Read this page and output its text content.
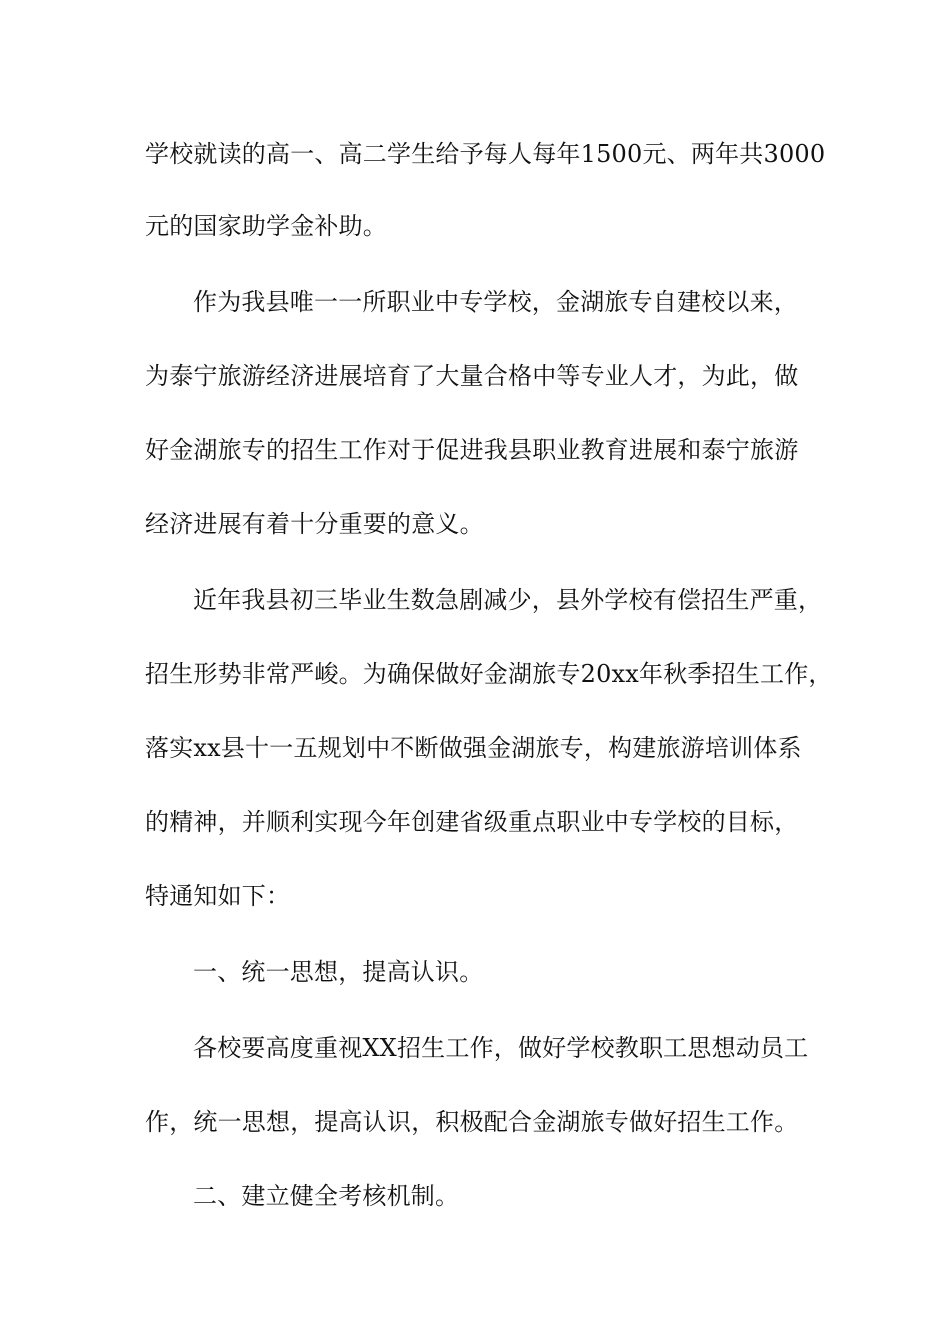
学校就读的高一、高二学生给予每人每年1500元、两年共3000
元的国家助学金补助。
作为我县唯一一所职业中专学校，金湖旅专自建校以来，
为泰宁旅游经济进展培育了大量合格中等专业人才，为此，做
好金湖旅专的招生工作对于促进我县职业教育进展和泰宁旅游
经济进展有着十分重要的意义。
近年我县初三毕业生数急剧减少，县外学校有偿招生严重，
招生形势非常严峻。为确保做好金湖旅专20xx年秋季招生工作，
落实xx县十一五规划中不断做强金湖旅专，构建旅游培训体系
的精神，并顺利实现今年创建省级重点职业中专学校的目标，
特通知如下：
一、统一思想，提高认识。
各校要高度重视XX招生工作，做好学校教职工思想动员工
作，统一思想，提高认识，积极配合金湖旅专做好招生工作。
二、建立健全考核机制。
